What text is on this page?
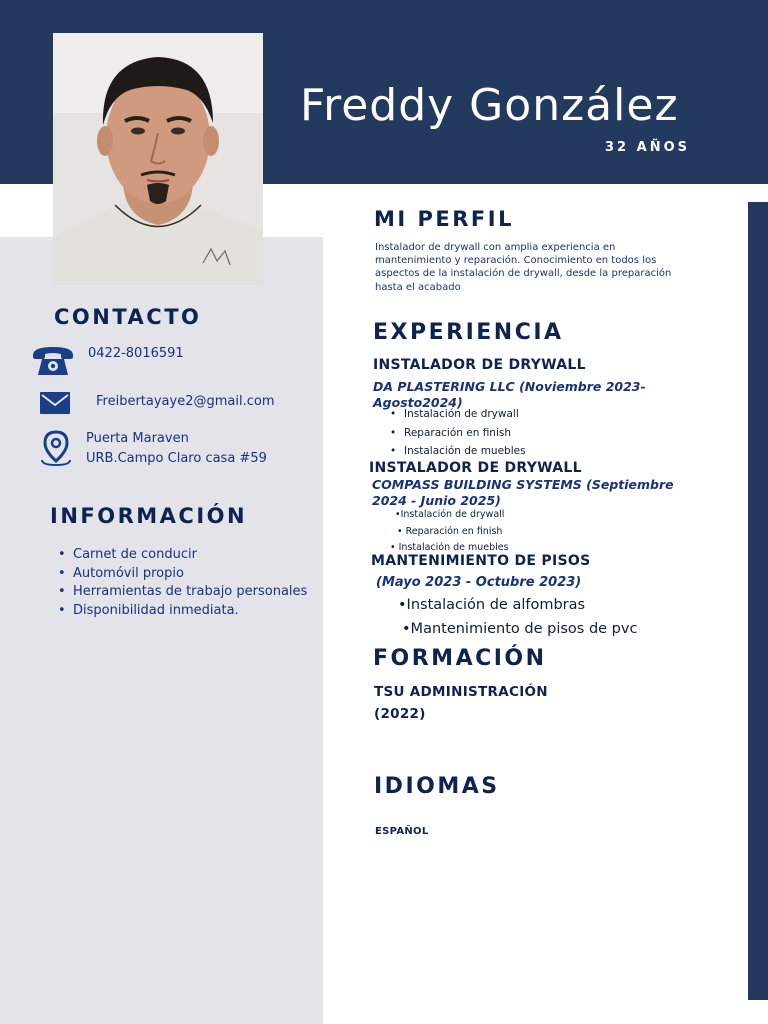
Freddy González
32 AÑOS
CONTACTO
0422-8016591
Freibertayaye2@gmail.com
Puerta Maraven
URB.Campo Claro casa #59
INFORMACIÓN
• Carnet de conducir
• Automóvil propio
• Herramientas de trabajo personales
• Disponibilidad inmediata.
MI PERFIL
Instalador de drywall con amplia experiencia en
mantenimiento y reparación. Conocimiento en todos los
aspectos de la instalación de drywall, desde la preparación
hasta el acabado
EXPERIENCIA
INSTALADOR DE DRYWALL
DA PLASTERING LLC (Noviembre 2023-
Agosto2024)
• Instalación de drywall
• Reparación en finish
• Instalación de muebles
INSTALADOR DE DRYWALL
COMPASS BUILDING SYSTEMS (Septiembre
2024 - Junio 2025)
•Instalación de drywall
• Reparación en finish
• Instalación de muebles
MANTENIMIENTO DE PISOS
(Mayo 2023 - Octubre 2023)
•Instalación de alfombras
•Mantenimiento de pisos de pvc
FORMACIÓN
TSU ADMINISTRACIÓN
(2022)
IDIOMAS
ESPAÑOL
